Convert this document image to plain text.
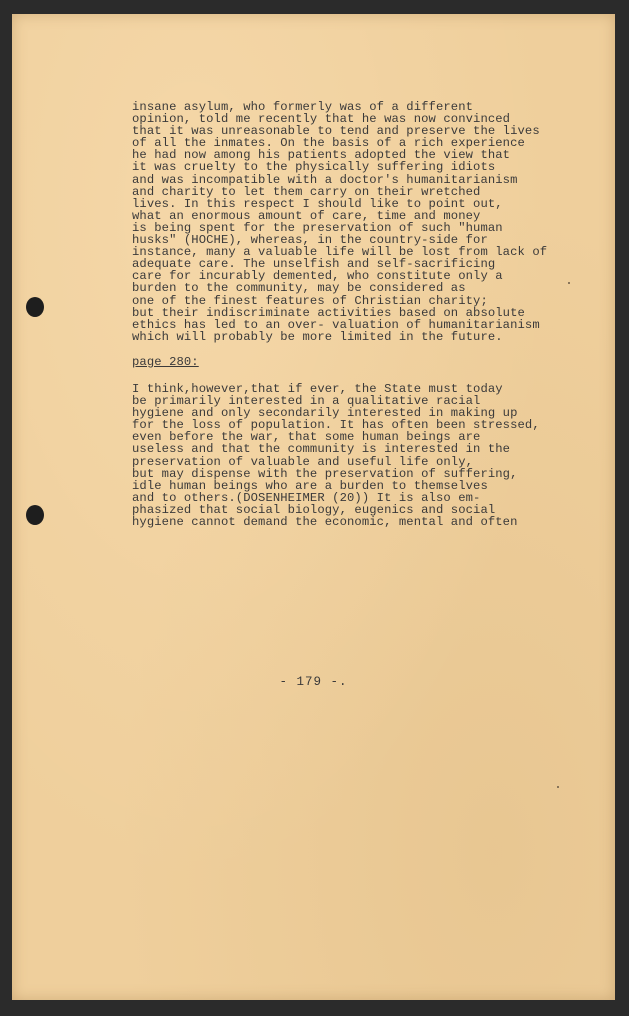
insane asylum, who formerly was of a different
opinion, told me recently that he was now convinced
that it was unreasonable to tend and preserve the lives
of all the inmates. On the basis of a rich experience
he had now among his patients adopted the view that
it was cruelty to the physically suffering idiots
and was incompatible with a doctor's humanitarianism
and charity to let them carry on their wretched
lives. In this respect I should like to point out,
what an enormous amount of care, time and money
is being spent for the preservation of such "human
husks" (HOCHE), whereas, in the country-side for
instance, many a valuable life will be lost from lack of
adequate care. The unselfish and self-sacrificing
care for incurably demented, who constitute only a
burden to the community, may be considered as
one of the finest features of Christian charity;
but their indiscriminate activities based on absolute
ethics has led to an over- valuation of humanitarianism
which will probably be more limited in the future.
page 280:
I think,however,that if ever, the State must today
be primarily interested in a qualitative racial
hygiene and only secondarily interested in making up
for the loss of population. It has often been stressed,
even before the war, that some human beings are
useless and that the community is interested in the
preservation of valuable and useful life only,
but may dispense with the preservation of suffering,
idle human beings who are a burden to themselves
and to others.(DOSENHEIMER (20)) It is also em-
phasized that social biology, eugenics and social
hygiene cannot demand the economic, mental and often
- 179 -.
